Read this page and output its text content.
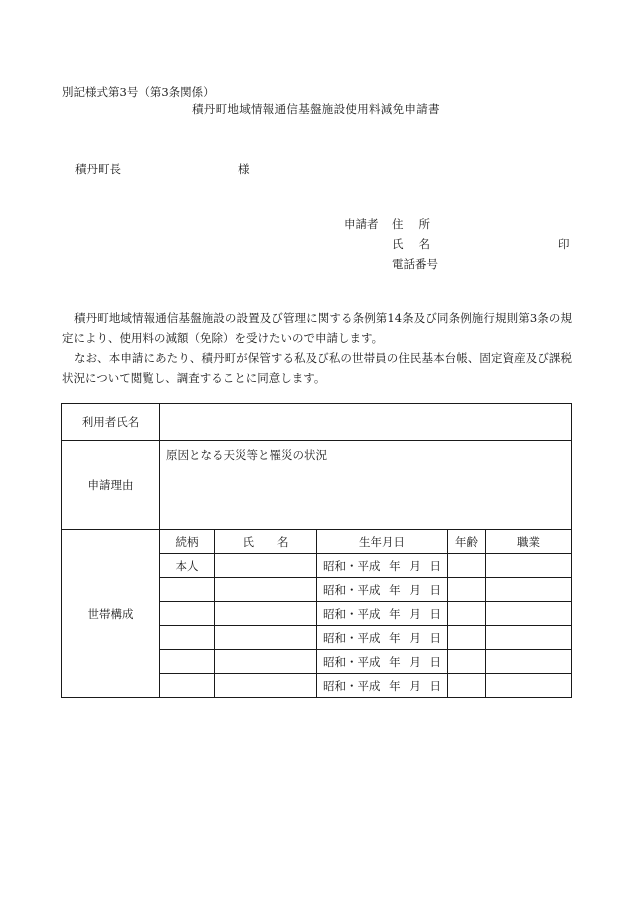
別記様式第3号（第3条関係）
積丹町地域情報通信基盤施設使用料減免申請書
積丹町長	様
申請者 住所
氏名
電話番号
印

積丹町地域情報通信基盤施設の設置及び管理に関する条例第14条及び同条例施行規則第3条の規定により、使用料の減額（免除）を受けたいので申請します。

なお、本申請にあたり、積丹町が保管する私及び私の世帯員の住民基本台帳、固定資産及び課税状況について閲覧し、調査することに同意します。

利用者氏名					
申請理由	原因となる天災等と罹災の状況				
世帯構成	続柄	氏　　名	生年月日	年齢	職業
	本人		昭和・平成 年 月 日		

			昭和・平成 年 月 日		

			昭和・平成 年 月 日		

			昭和・平成 年 月 日		

			昭和・平成 年 月 日		

			昭和・平成 年 月 日		
